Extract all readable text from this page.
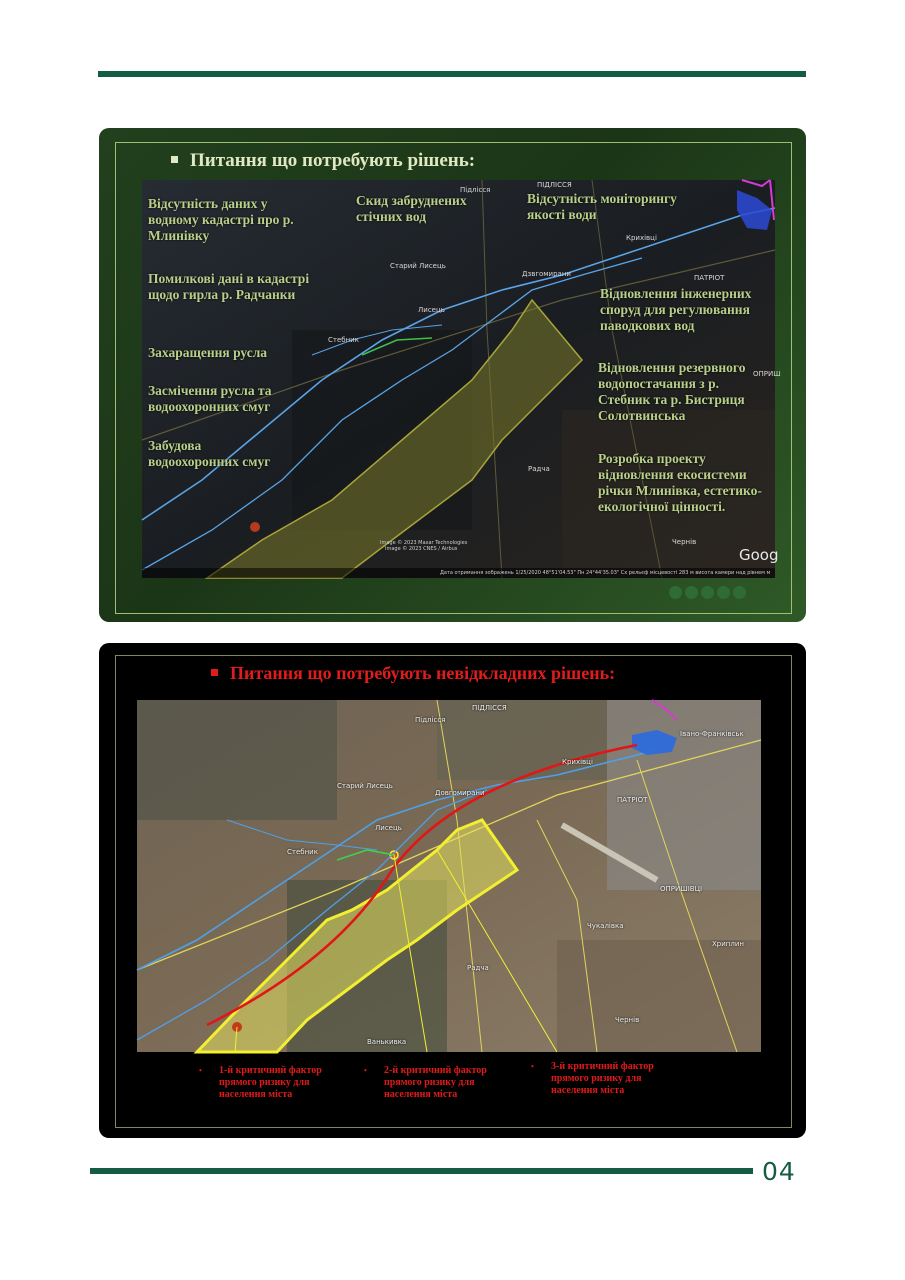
Питання що потребують рішень:
Підлісся
ПІДЛІССЯ
Старий Лисець
Лисець
Стебник
Дзвгомирани
Крихівці
ПАТРІОТ
ОПРИШ
Радча
Чернів
Image © 2023 Maxar Technologies
Image © 2023 CNES / Airbus
Дата отримання зображень 1/25/2020 48°51'04.53" Пн 24°44'35.03" Сх рельєф місцевості 283 м висота камери над рівнем м
Goog
Відсутність даних у водному кадастрі про р. Млинівку
Скид забруднених стічних вод
Відсутність моніторингу якості води
Помилкові дані в кадастрі щодо гирла р. Радчанки
Захаращення русла
Засмічення русла та водоохоронних смуг
Забудова водоохоронних смуг
Відновлення інженерних споруд для регулювання паводкових вод
Відновлення резервного водопостачання з р. Стебник та р. Бистриця Солотвинська
Розробка проекту відновлення екосистеми річки Млинівка, естетико-екологічної цінності.
Питання що потребують невідкладних рішень:
Підлісся
ПІДЛІССЯ
Івано-Франківськ
Крихівці
Старий Лисець
Довгомирани
Лисець
ПАТРІОТ
Стебник
ОПРИШІВЦІ
Чукалівка
Радча
Хриплин
Чернів
Ванькивка
• 1-й критичний фактор прямого ризику для населення міста
• 2-й критичний фактор прямого ризику для населення міста
• 3-й критичний фактор прямого ризику для населення міста
04
